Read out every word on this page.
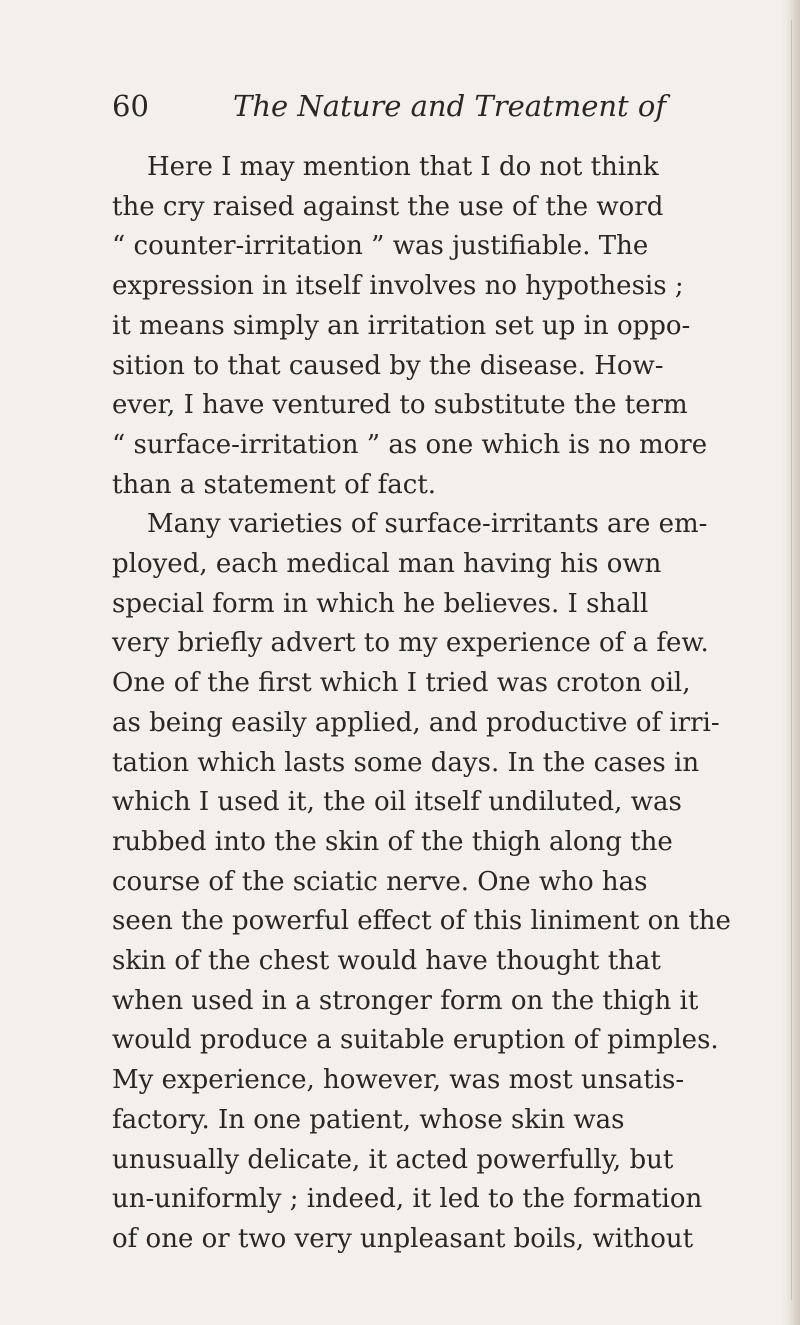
60	The Nature and Treatment of

Here I may mention that I do not think
the cry raised against the use of the word
“ counter-irritation ” was justifiable. The
expression in itself involves no hypothesis ;
it means simply an irritation set up in oppo-
sition to that caused by the disease. How-
ever, I have ventured to substitute the term
“ surface-irritation ” as one which is no more
than a statement of fact.

Many varieties of surface-irritants are em-
ployed, each medical man having his own
special form in which he believes. I shall
very briefly advert to my experience of a few.
One of the first which I tried was croton oil,
as being easily applied, and productive of irri-
tation which lasts some days. In the cases in
which I used it, the oil itself undiluted, was
rubbed into the skin of the thigh along the
course of the sciatic nerve. One who has
seen the powerful effect of this liniment on the
skin of the chest would have thought that
when used in a stronger form on the thigh it
would produce a suitable eruption of pimples.
My experience, however, was most unsatis-
factory. In one patient, whose skin was
unusually delicate, it acted powerfully, but
un-uniformly ; indeed, it led to the formation
of one or two very unpleasant boils, without
